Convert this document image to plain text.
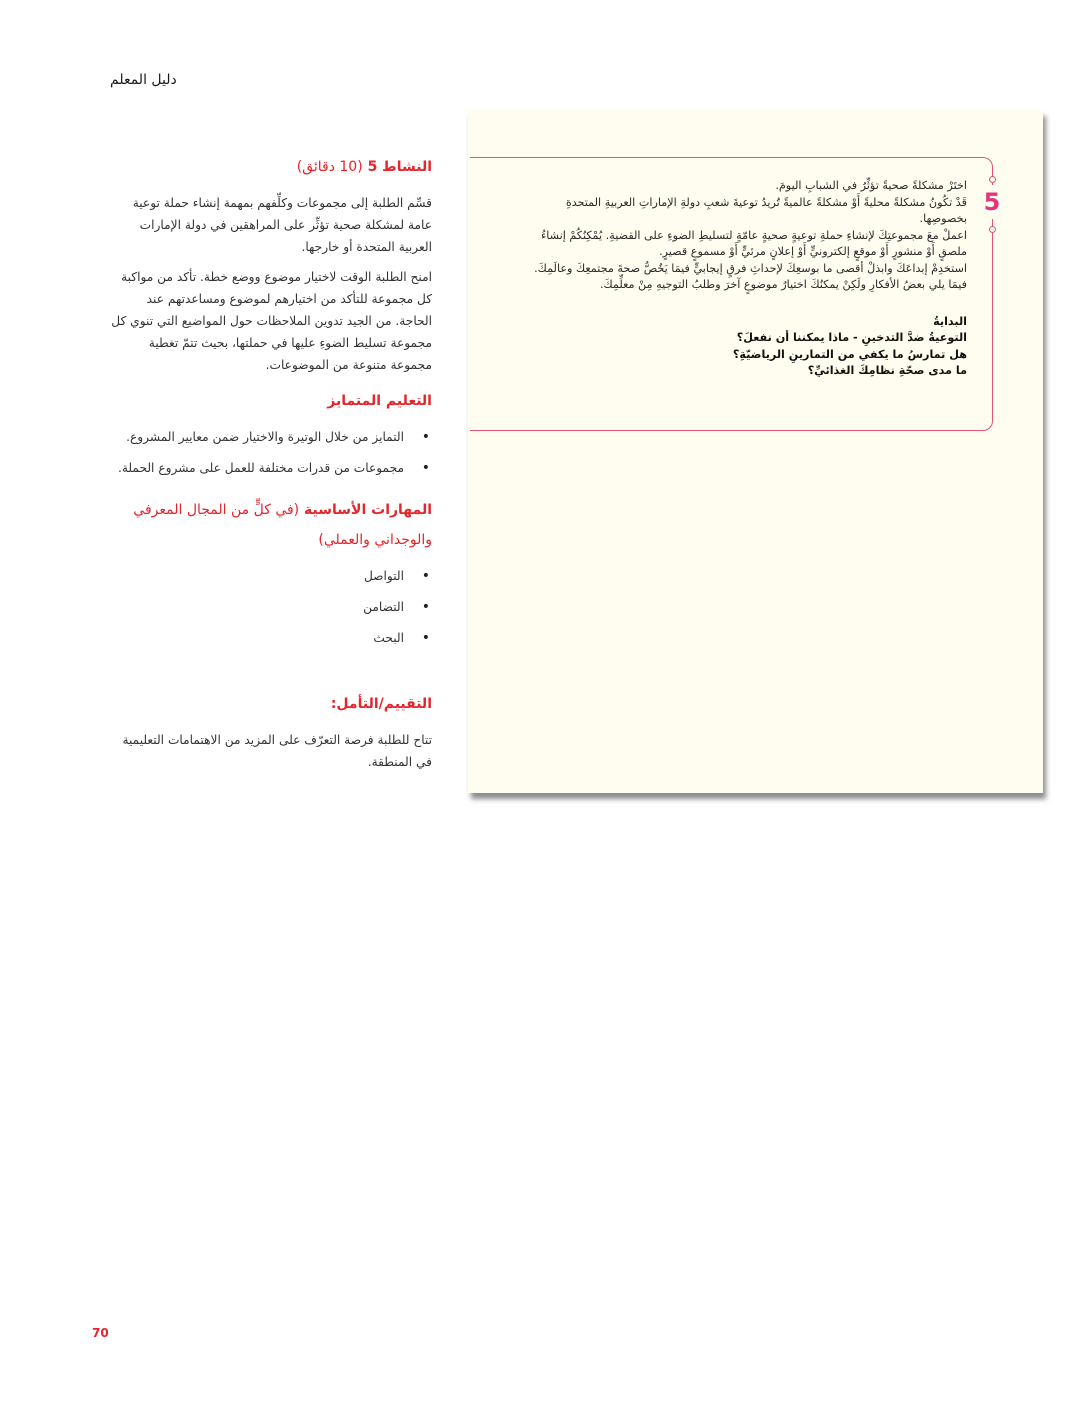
دليل المعلم
النشاط 5 (10 دقائق)

قسِّم الطلبة إلى مجموعات وكلِّفهم بمهمة إنشاء حملة توعية عامة لمشكلة صحية تؤثِّر على المراهقين في دولة الإمارات العربية المتحدة أو خارجها.

امنح الطلبة الوقت لاختيار موضوع ووضع خطة. تأكد من مواكبة كل مجموعة للتأكد من اختيارهم لموضوع ومساعدتهم عند الحاجة. من الجيد تدوين الملاحظات حول المواضيع التي تنوي كل مجموعة تسليط الضوءِ عليها في حملتها، بحيث تتمّ تغطية مجموعة متنوعة من الموضوعات.

التعليم المتمايز
• التمايز من خلال الوتيرة والاختيار ضمن معايير المشروع.
• مجموعات من قدرات مختلفة للعمل على مشروع الحملة.
المهارات الأساسية (في كلٍّ من المجال المعرفي والوجداني والعملي)
• التواصل
• التضامن
• البحث
التقييم/التأمل:

تتاح للطلبة فرصة التعرّف على المزيد من الاهتمامات التعليمية في المنطقة.

5

اختَرْ مشكلةً صحيةً تؤثِّرُ في الشبابِ اليومَ.

قَدْ تكُونُ مشكلةً محليةً أَوْ مشكلةً عالميةً تُريدُ توعيةَ شعبِ دولةِ الإماراتِ العربيةِ المتحدةِ بخصوصِها.

اعملْ معَ مجموعتِكَ لإنشاءِ حملةِ توعيةٍ صحيةٍ عامّةٍ لتسليطِ الضوءِ على القضيةِ. يُمْكِنُكُمْ إنشاءُ ملصقٍ أَوْ منشورٍ أَوْ موقعٍ إلكترونيٍّ أَوْ إعلانٍ مرئيٍّ أَوْ مسموعٍ قصيرٍ.

استخدِمْ إبداعَكَ وابذلْ أقصى ما بوسعِكَ لإحداثِ فرقٍ إيجابيٍّ فيمَا يَخُصُّ صحةَ مجتمعِكَ وعالَمِكَ.

فيمَا يلي بعضُ الأفكارِ ولَكِنْ يمكنُكَ اختيارُ موضوعٍ آخرَ وطلبُ التوجيهِ مِنْ معلِّمِكَ.

البدايةُ

التوعيةُ ضدَّ التدخينِ - ماذا يمكننا أن نفعلَ؟

هل تمارسُ ما يكفي من التمارينِ الرياضيّةِ؟

ما مدى صحّةِ نظامِكَ الغذائيِّ؟

70
